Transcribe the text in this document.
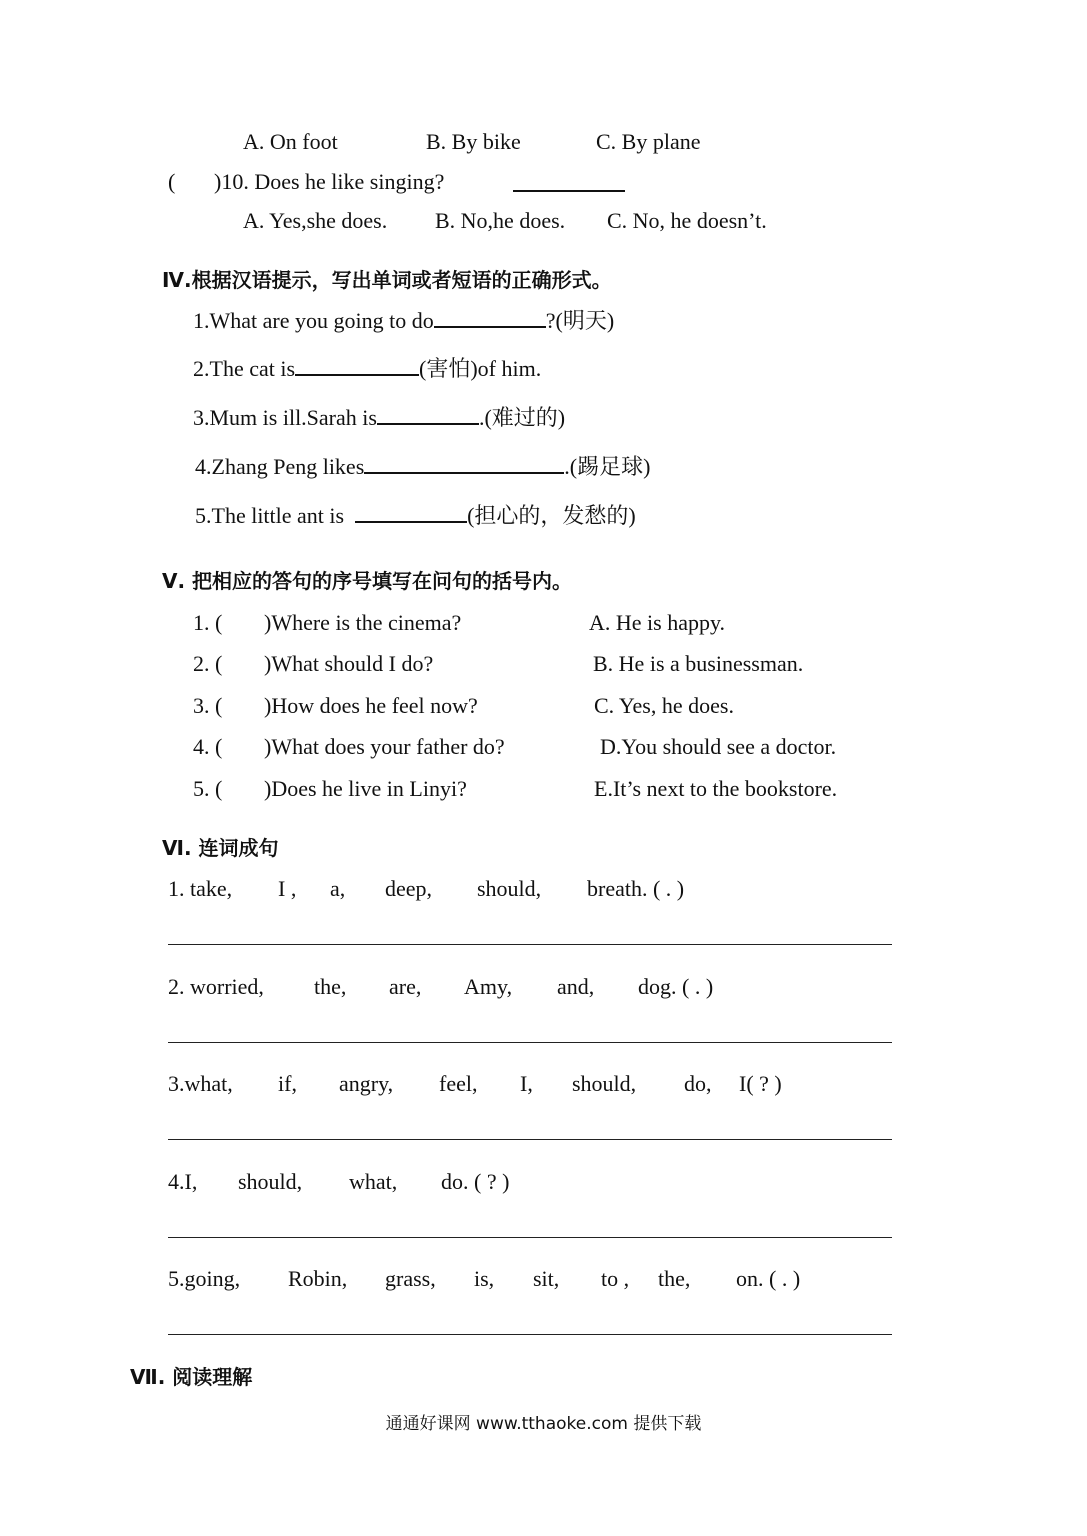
A. On foot	B. By bike	C. By plane
( )10. Does he like singing?
A. Yes,she does. B. No,he does. C. No, he doesn’t.
Ⅳ.根据汉语提示，写出单词或者短语的正确形式。
1.What are you going to do	?(明天)
2.The cat is	(害怕)of him.
3.Mum is ill.Sarah is	.(难过的)
4.Zhang Peng likes	.(踢足球)
5.The little ant is	(担心的，发愁的)
Ⅴ. 把相应的答句的序号填写在问句的括号内。
1. ( )Where is the cinema?	A. He is happy.
2. ( )What should I do?	B. He is a businessman.
3. ( )How does he feel now?	C. Yes, he does.
4. ( )What does your father do?	D.You should see a doctor.
5. ( )Does he live in Linyi?	E.It’s next to the bookstore.
Ⅵ. 连词成句
1. take, I , a, deep, should, breath. ( . )
2. worried, the, are, Amy, and, dog. ( . )
3.what, if, angry, feel, I, should, do, I( ? )
4.I, should, what, do. ( ? )
5.going, Robin, grass, is, sit, to , the, on. ( . )
Ⅶ. 阅读理解
通通好课网 www.tthaoke.com 提供下载
